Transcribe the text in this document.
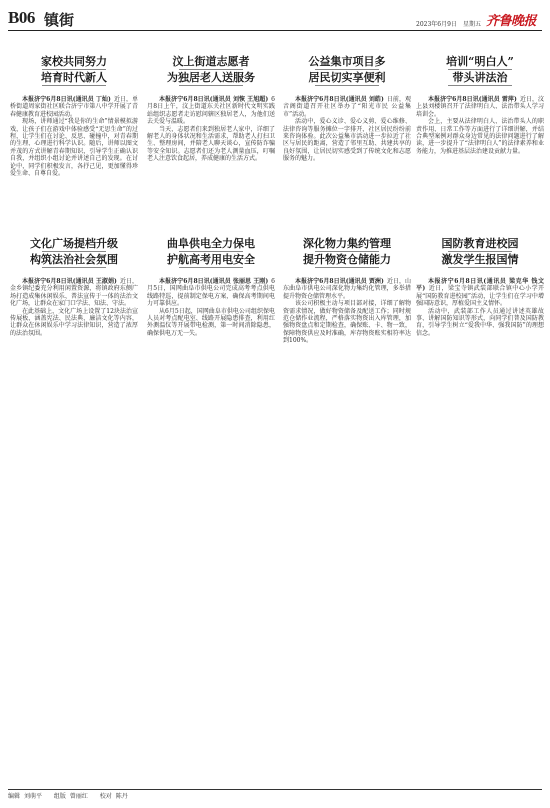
B06 镇街	2023年6月9日 星期五 齐鲁晚报
家校共同努力
培育时代新人

本报济宁6月8日讯(通讯员 丁灿) 近日，单桥街道周家街社区联合济宁市第八中学开展了青春健康教育进校园活动。

现场，讲师通过“我是你的生命”情景模拟游戏，让孩子们在游戏中体验感受“无思生命”的过程，让学生们在讨论、反思、碰撞中，对青春期的生理、心理进行科学认识。随后，讲师以图文并茂的方式讲解青春期知识，引导学生正确认识自我，并组织小组讨论并讲述自己的发现。在讨论中，同学们积极发言，各抒己见，更加懂得珍爱生命、自尊自爱。

汶上街道志愿者
为独居老人送服务

本报济宁6月8日讯(通讯员 刘恢 王旭超) 6月8日上午，汶上街道东关社区新时代文明实践站组织志愿者走访慰问辖区独居老人，为他们送去关爱与温暖。

当天，志愿者们来到独居老人家中，详细了解老人的身体状况和生活需求，帮助老人打扫卫生、整理房间，并陪老人聊天谈心，宣传防诈骗等安全知识。志愿者们还为老人测量血压，叮嘱老人注意饮食起居，养成健康的生活方式。

公益集市项目多
居民切实享便利

本报济宁6月8日讯(通讯员 刘皓) 日前，观音阁街道召开社区举办了“阳光市民 公益集市”活动。

活动中，爱心义诊、爱心义剪、爱心维修、法律咨询等服务摊位一字排开，社区居民纷纷前来咨询体验。此次公益集市活动进一步拉近了社区与居民的距离，营造了邻里互助、共建共享的良好氛围，让居民切实感受到了传统文化和志愿服务的魅力。

培训“明白人”
带头讲法治

本报济宁6月8日讯(通讯员 雷萍) 近日，汶上县刘楼镇召开了法律明白人、法治带头人学习培训会。

会上，主要从法律明白人、法治带头人的职责作用、日常工作等方面进行了详细讲解，并结合典型案例对群众身边常见的法律问题进行了解读，进一步提升了“法律明白人”的法律素养和业务能力，为推进基层法治建设贡献力量。

文化广场提档升级
构筑法治社会氛围

本报济宁6月8日讯(通讯员 王淑娟) 近日，金乡镇纪委充分利用闲置资源，将镇政府东侧广场打造成集休闲娱乐、普法宣传于一体的法治文化广场，让群众在家门口学法、知法、守法。

在此基础上，文化广场上设置了12块法治宣传展板，涵盖宪法、民法典、廉洁文化等内容，让群众在休闲娱乐中学习法律知识，营造了浓厚的法治氛围。

曲阜供电全力保电
护航高考用电安全

本报济宁6月8日讯(通讯员 张丽思 王刚) 6月5日，国网曲阜市供电公司完成高考考点供电线路特巡，提前制定保电方案，确保高考期间电力可靠供应。

从6月5日起，国网曲阜市供电公司组织保电人员对考点配电室、线路开展隐患排查，利用红外测温仪等开展带电检测，第一时间消除隐患，确保供电万无一失。

深化物力集约管理
提升物资仓储能力

本报济宁6月8日讯(通讯员 贾洲) 近日，山东曲阜市供电公司深化物力集约化管理，多举措提升物资仓储管理水平。

该公司积极主动与项目部对接，详细了解物资需求情况，做好物资储备及配送工作；同时规范仓储作业流程，严格落实物资出入库管理，加强物资盘点和定期检查，确保账、卡、物一致，保障物资供应及时准确，库存物资账实相符率达到100%。

国防教育进校园
激发学生报国情

本报济宁6月8日讯(通讯员 梁克华 钱文平) 近日，梁宝寺镇武装部联合镇中心小学开展“国防教育进校园”活动，让学生们在学习中增强国防意识，厚植爱国主义情怀。

活动中，武装部工作人员通过讲述英雄故事、讲解国防知识等形式，向同学们普及国防教育，引导学生树立“爱我中华、强我国防”的理想信念。

编辑 刘萌平 组版 曾丽红 校对 陈丹
